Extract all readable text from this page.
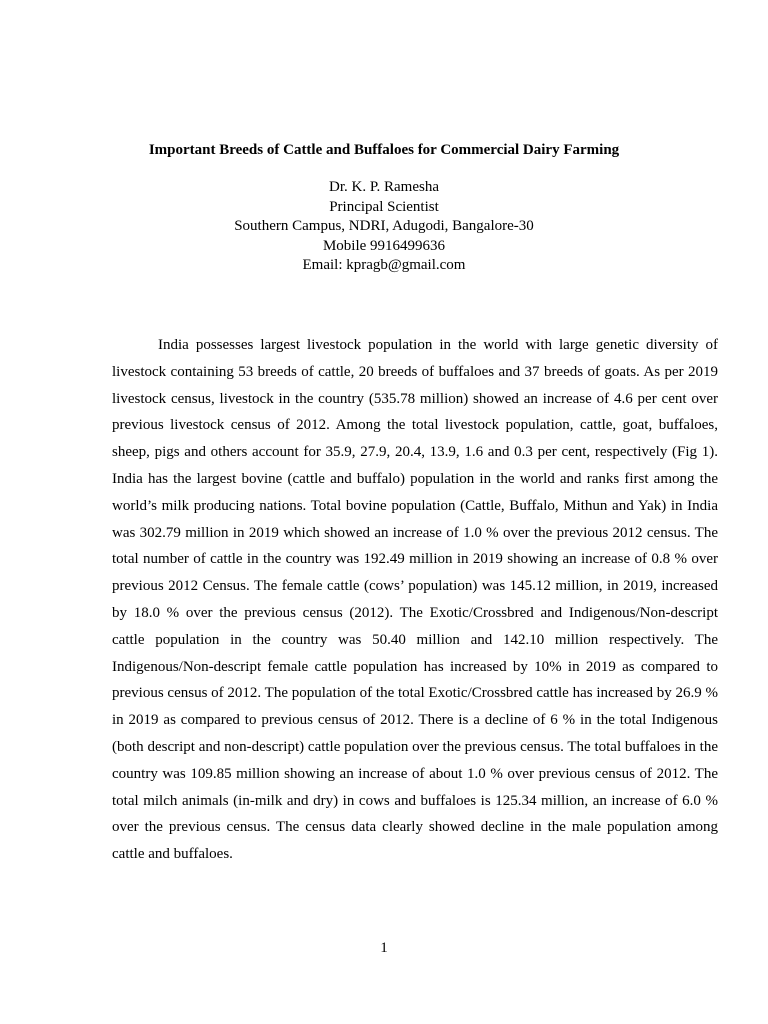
Important Breeds of Cattle and Buffaloes for Commercial Dairy Farming
Dr. K. P. Ramesha
Principal Scientist
Southern Campus, NDRI, Adugodi, Bangalore-30
Mobile 9916499636
Email: kpragb@gmail.com

India possesses largest livestock population in the world with large genetic diversity of livestock containing 53 breeds of cattle, 20 breeds of buffaloes and 37 breeds of goats. As per 2019 livestock census, livestock in the country (535.78 million) showed an increase of 4.6 per cent over previous livestock census of 2012. Among the total livestock population, cattle, goat, buffaloes, sheep, pigs and others account for 35.9, 27.9, 20.4, 13.9, 1.6 and 0.3 per cent, respectively (Fig 1). India has the largest bovine (cattle and buffalo) population in the world and ranks first among the world’s milk producing nations. Total bovine population (Cattle, Buffalo, Mithun and Yak) in India was 302.79 million in 2019 which showed an increase of 1.0 % over the previous 2012 census. The total number of cattle in the country was 192.49 million in 2019 showing an increase of 0.8 % over previous 2012 Census. The female cattle (cows’ population) was 145.12 million, in 2019, increased by 18.0 % over the previous census (2012). The Exotic/Crossbred and Indigenous/Non-descript cattle population in the country was 50.40 million and 142.10 million respectively. The Indigenous/Non-descript female cattle population has increased by 10% in 2019 as compared to previous census of 2012. The population of the total Exotic/Crossbred cattle has increased by 26.9 % in 2019 as compared to previous census of 2012. There is a decline of 6 % in the total Indigenous (both descript and non-descript) cattle population over the previous census. The total buffaloes in the country was 109.85 million showing an increase of about 1.0 % over previous census of 2012. The total milch animals (in-milk and dry) in cows and buffaloes is 125.34 million, an increase of 6.0 % over the previous census. The census data clearly showed decline in the male population among cattle and buffaloes.

1
